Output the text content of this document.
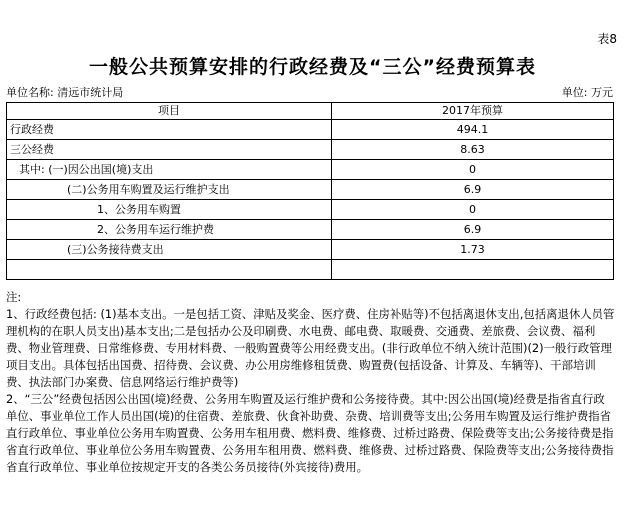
表8
一般公共预算安排的行政经费及“三公”经费预算表
单位名称: 清远市统计局	单位: 万元
项目	2017年预算
行政经费	494.1
三公经费	8.63
其中: (一)因公出国(境)支出	0
(二)公务用车购置及运行维护支出	6.9
1、公务用车购置	0
2、公务用车运行维护费	6.9
(三)公务接待费支出	1.73

注:

1、行政经费包括: (1)基本支出。一是包括工资、津贴及奖金、医疗费、住房补贴等)不包括离退休支出,包括离退休人员管理机构的在职人员支出)基本支出;二是包括办公及印刷费、水电费、邮电费、取暖费、交通费、差旅费、会议费、福利费、物业管理费、日常维修费、专用材料费、一般购置费等公用经费支出。(非行政单位不纳入统计范围)(2)一般行政管理项目支出。具体包括出国费、招待费、会议费、办公用房维修租赁费、购置费(包括设备、计算及、车辆等)、干部培训费、执法部门办案费、信息网络运行维护费等)

2、“三公”经费包括因公出国(境)经费、公务用车购置及运行维护费和公务接待费。其中:因公出国(境)经费是指省直行政单位、事业单位工作人员出国(境)的住宿费、差旅费、伙食补助费、杂费、培训费等支出;公务用车购置及运行维护费指省直行政单位、事业单位公务用车购置费、公务用车租用费、燃料费、维修费、过桥过路费、保险费等支出;公务接待费是指省直行政单位、事业单位公务用车购置费、公务用车租用费、燃料费、维修费、过桥过路费、保险费等支出;公务接待费指省直行政单位、事业单位按规定开支的各类公务员接待(外宾接待)费用。
